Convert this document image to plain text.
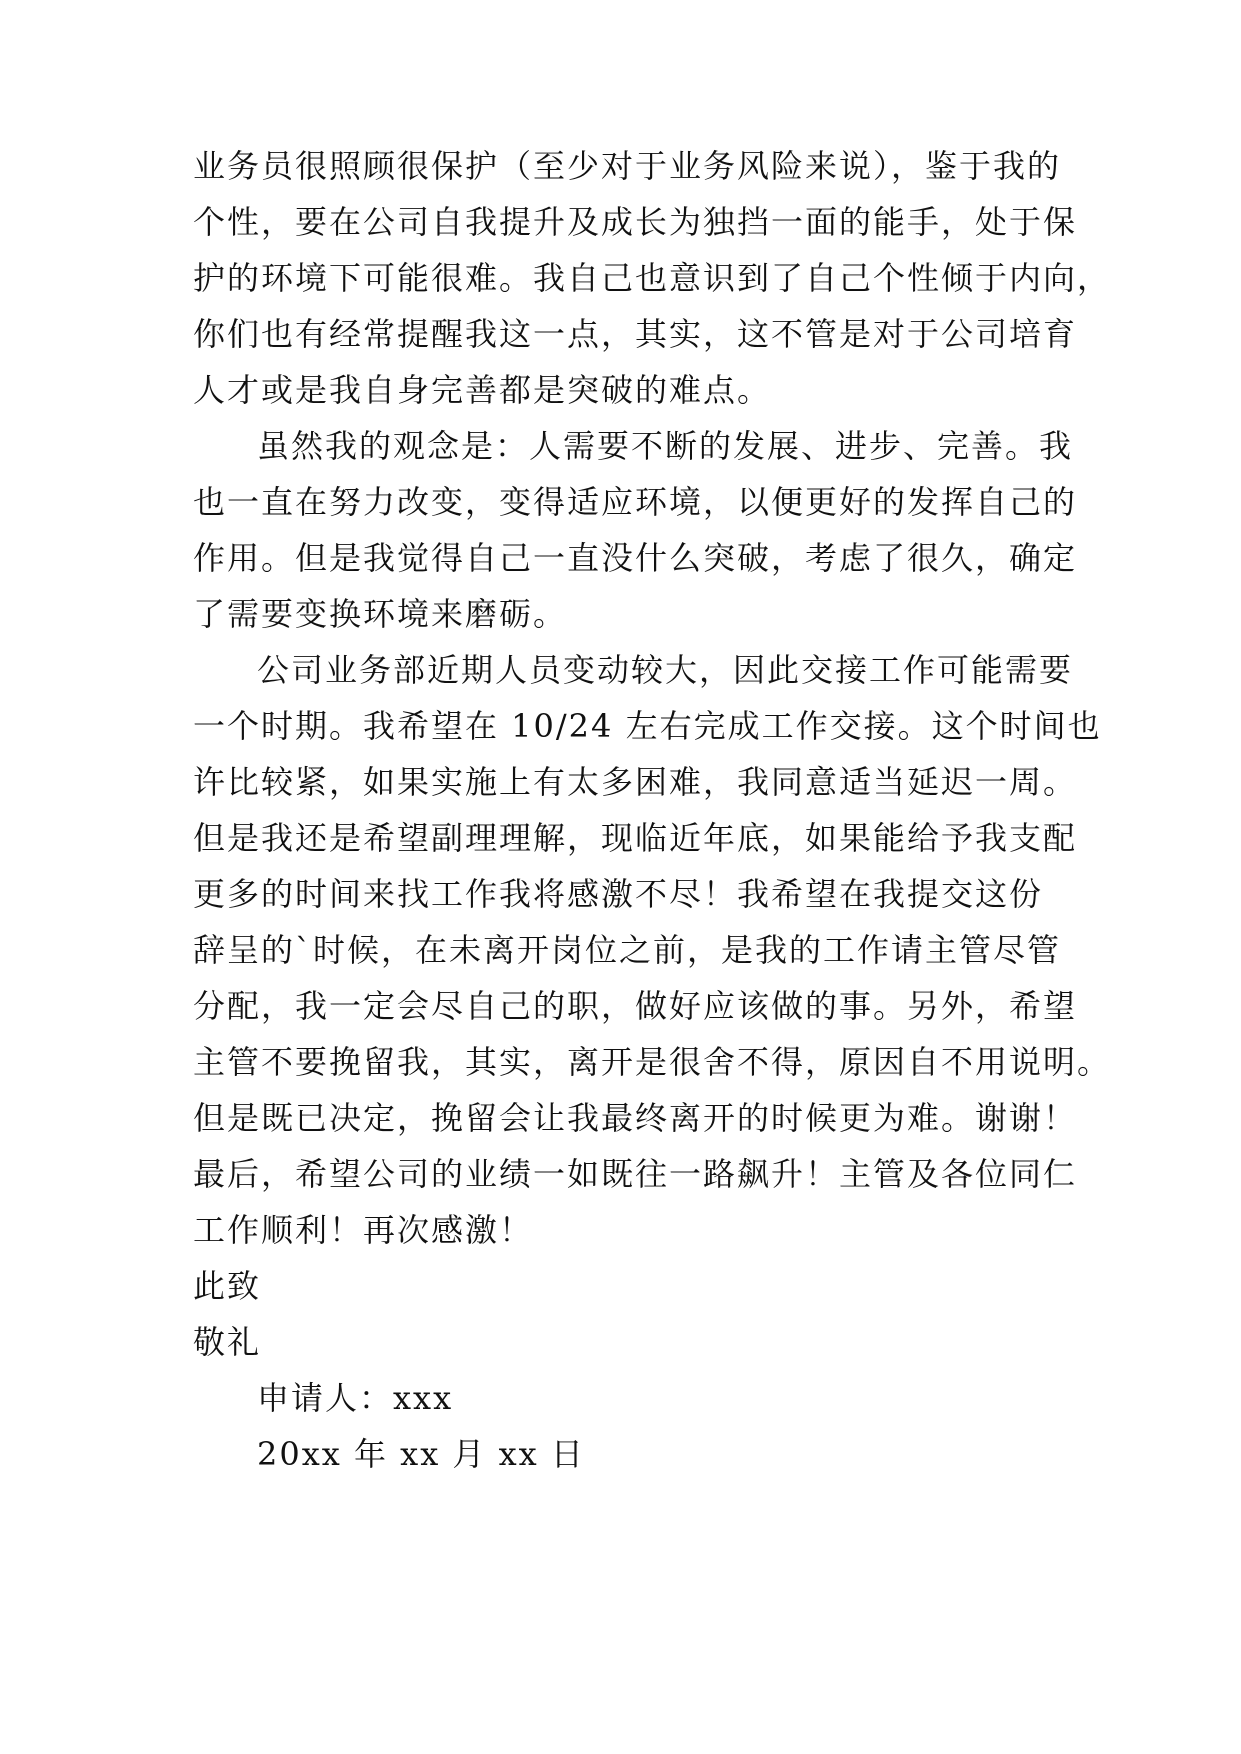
业务员很照顾很保护（至少对于业务风险来说），鉴于我的
个性，要在公司自我提升及成长为独挡一面的能手，处于保
护的环境下可能很难。我自己也意识到了自己个性倾于内向，
你们也有经常提醒我这一点，其实，这不管是对于公司培育
人才或是我自身完善都是突破的难点。
虽然我的观念是：人需要不断的发展、进步、完善。我
也一直在努力改变，变得适应环境，以便更好的发挥自己的
作用。但是我觉得自己一直没什么突破，考虑了很久，确定
了需要变换环境来磨砺。
公司业务部近期人员变动较大，因此交接工作可能需要
一个时期。我希望在 10/24 左右完成工作交接。这个时间也
许比较紧，如果实施上有太多困难，我同意适当延迟一周。
但是我还是希望副理理解，现临近年底，如果能给予我支配
更多的时间来找工作我将感激不尽！我希望在我提交这份
辞呈的`时候，在未离开岗位之前，是我的工作请主管尽管
分配，我一定会尽自己的职，做好应该做的事。另外，希望
主管不要挽留我，其实，离开是很舍不得，原因自不用说明。
但是既已决定，挽留会让我最终离开的时候更为难。谢谢！
最后，希望公司的业绩一如既往一路飙升！主管及各位同仁
工作顺利！再次感激！
此致
敬礼
申请人：xxx
20xx 年 xx 月 xx 日
